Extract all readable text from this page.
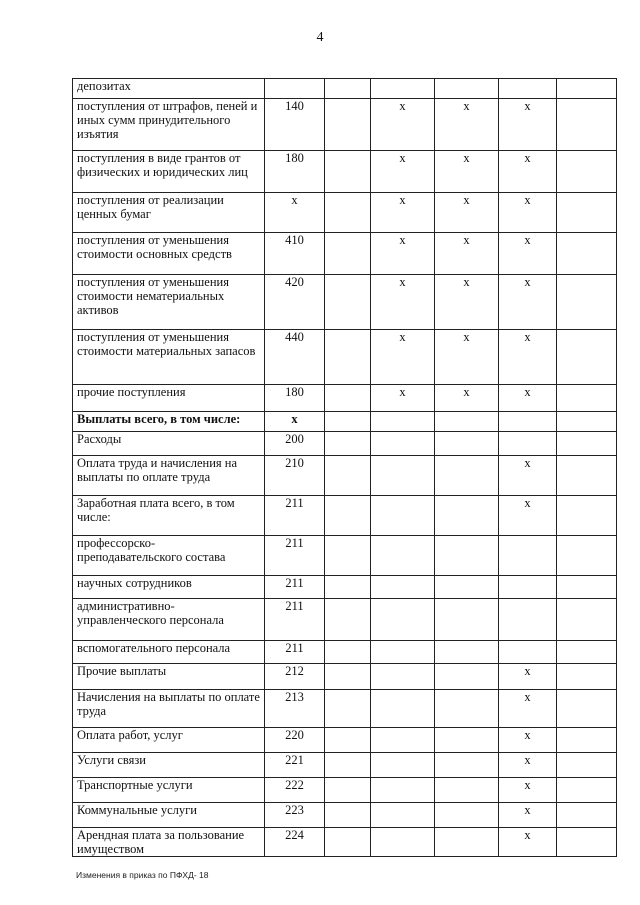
4
депозитах						
поступления от штрафов, пеней и иных сумм принудительного изъятия	140		x	x	x	
поступления в виде грантов от физических и юридических лиц	180		x	x	x	
поступления от реализации ценных бумаг	x		x	x	x	
поступления от уменьшения стоимости основных средств	410		x	x	x	
поступления от уменьшения стоимости нематериальных активов	420		x	x	x	
поступления от уменьшения стоимости материальных запасов	440		x	x	x	
прочие поступления	180		x	x	x	
Выплаты всего, в том числе:	x					
Расходы	200					
Оплата труда и начисления на выплаты по оплате труда	210				x	
Заработная плата всего, в том числе:	211				x	
профессорско-преподавательского состава	211					
научных сотрудников	211					
административно-управленческого персонала	211					
вспомогательного персонала	211					
Прочие выплаты	212				x	
Начисления на выплаты по оплате труда	213				x	
Оплата работ, услуг	220				x	
Услуги связи	221				x	
Транспортные услуги	222				x	
Коммунальные услуги	223				x	
Арендная плата за пользование имуществом	224				x	
Изменения в приказ по ПФХД- 18
